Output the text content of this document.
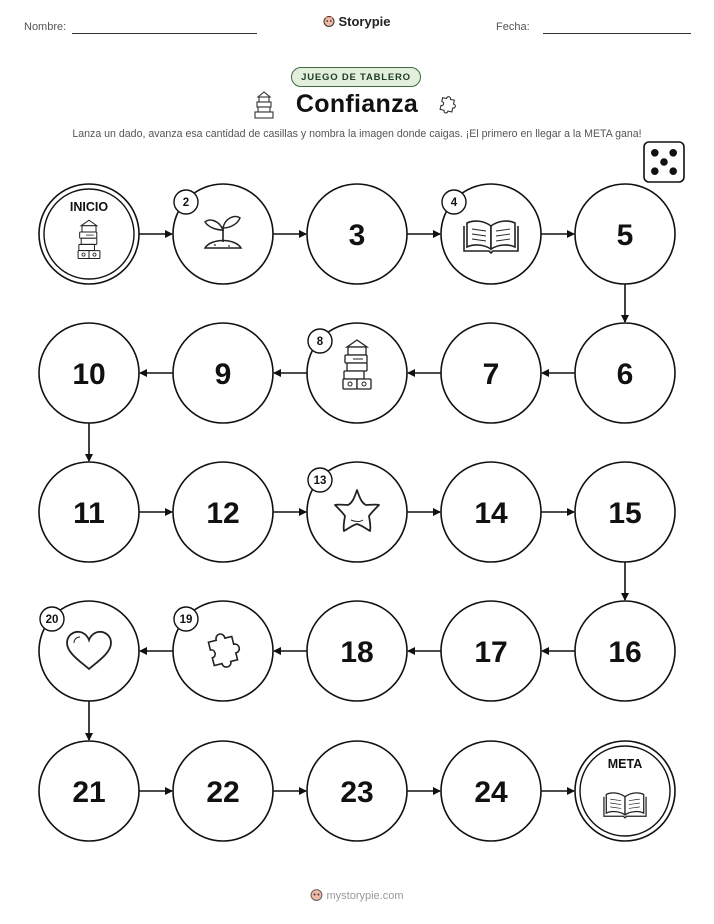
Nombre:	Storypie	Fecha:
JUEGO DE TABLERO
Confianza
Lanza un dado, avanza esa cantidad de casillas y nombra la imagen donde caigas. ¡El primero en llegar a la META gana!
INICIO	2
3
4
5
6
7
8
9
10
11	12
13
14	15
16
17
18
19
20
21	22	23	24
META
mystorypie.com
